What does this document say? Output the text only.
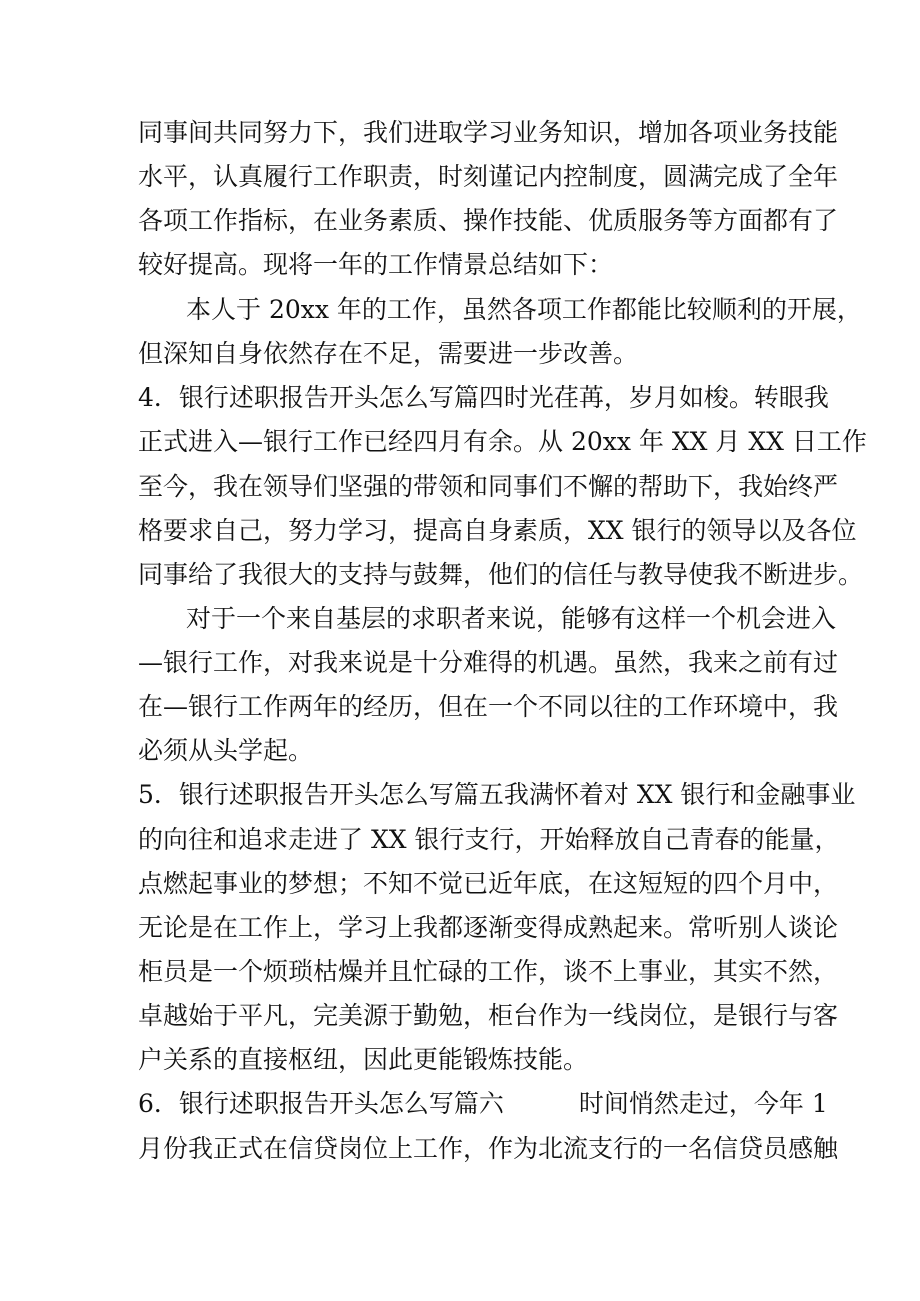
同事间共同努力下，我们进取学习业务知识，增加各项业务技能
水平，认真履行工作职责，时刻谨记内控制度，圆满完成了全年
各项工作指标，在业务素质、操作技能、优质服务等方面都有了
较好提高。现将一年的工作情景总结如下：
本人于 20xx 年的工作，虽然各项工作都能比较顺利的开展，
但深知自身依然存在不足，需要进一步改善。
4．银行述职报告开头怎么写篇四时光荏苒，岁月如梭。转眼我
正式进入—银行工作已经四月有余。从 20xx 年 XX 月 XX 日工作
至今，我在领导们坚强的带领和同事们不懈的帮助下，我始终严
格要求自己，努力学习，提高自身素质，XX 银行的领导以及各位
同事给了我很大的支持与鼓舞，他们的信任与教导使我不断进步。
对于一个来自基层的求职者来说，能够有这样一个机会进入
—银行工作，对我来说是十分难得的机遇。虽然，我来之前有过
在—银行工作两年的经历，但在一个不同以往的工作环境中，我
必须从头学起。
5．银行述职报告开头怎么写篇五我满怀着对 XX 银行和金融事业
的向往和追求走进了 XX 银行支行，开始释放自己青春的能量，
点燃起事业的梦想；不知不觉已近年底，在这短短的四个月中，
无论是在工作上，学习上我都逐渐变得成熟起来。常听别人谈论
柜员是一个烦琐枯燥并且忙碌的工作，谈不上事业，其实不然，
卓越始于平凡，完美源于勤勉，柜台作为一线岗位，是银行与客
户关系的直接枢纽，因此更能锻炼技能。
6．银行述职报告开头怎么写篇六　　　时间悄然走过，今年 1
月份我正式在信贷岗位上工作，作为北流支行的一名信贷员感触
